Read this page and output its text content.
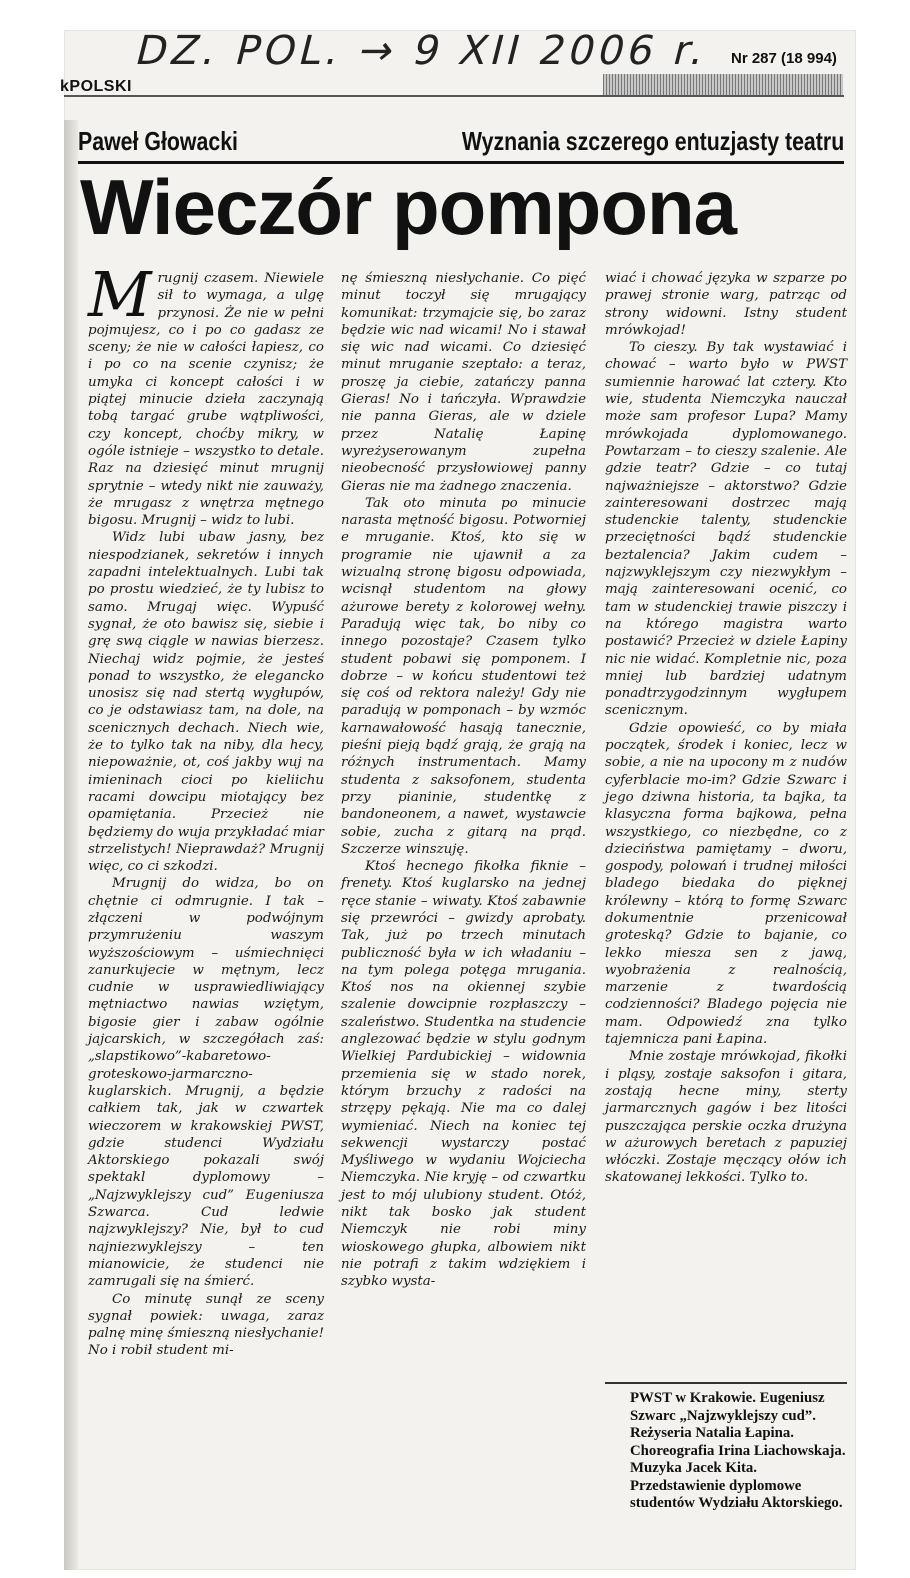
DZ. POL. → 9 XII 2006 r.
kPOLSKI
Nr 287 (18 994)
Paweł Głowacki	Wyznania szczerego entuzjasty teatru
Wieczór pompona

Mrugnij czasem. Niewiele sił to wymaga, a ulgę przynosi. Że nie w pełni pojmujesz, co i po co gadasz ze sceny; że nie w całości łapiesz, co i po co na scenie czynisz; że umyka ci koncept całości i w piątej minucie dzieła zaczynają tobą targać grube wątpliwości, czy koncept, choćby mikry, w ogóle istnieje – wszystko to detale. Raz na dziesięć minut mrugnij sprytnie – wtedy nikt nie zauważy, że mrugasz z wnętrza mętnego bigosu. Mrugnij – widz to lubi.

Widz lubi ubaw jasny, bez niespodzianek, sekretów i innych zapadni intelektualnych. Lubi tak po prostu wiedzieć, że ty lubisz to samo. Mrugaj więc. Wypuść sygnał, że oto bawisz się, siebie i grę swą ciągle w nawias bierzesz. Niechaj widz pojmie, że jesteś ponad to wszystko, że elegancko unosisz się nad stertą wygłupów, co je odstawiasz tam, na dole, na scenicznych dechach. Niech wie, że to tylko tak na niby, dla hecy, niepoważnie, ot, coś jakby wuj na imieninach cioci po kieliichu racami dowcipu miotający bez opamiętania. Przecież nie będziemy do wuja przykładać miar strzelistych! Nieprawdaż? Mrugnij więc, co ci szkodzi.

Mrugnij do widza, bo on chętnie ci odmrugnie. I tak – złączeni w podwójnym przymrużeniu waszym wyższościowym – uśmiechnięci zanurkujecie w mętnym, lecz cudnie w usprawiedliwiający mętniactwo nawias wziętym, bigosie gier i zabaw ogólnie jajcarskich, w szczegółach zaś: „slapstikowo”-kabaretowo-groteskowo-jarmarczno-kuglarskich. Mrugnij, a będzie całkiem tak, jak w czwartek wieczorem w krakowskiej PWST, gdzie studenci Wydziału Aktorskiego pokazali swój spektakl dyplomowy – „Najzwyklejszy cud” Eugeniusza Szwarca. Cud ledwie najzwyklejszy? Nie, był to cud najniezwyklejszy – ten mianowicie, że studenci nie zamrugali się na śmierć.

Co minutę sunął ze sceny sygnał powiek: uwaga, zaraz palnę minę śmieszną niesłychanie! No i robił student mi-

nę śmieszną niesłychanie. Co pięć minut toczył się mrugający komunikat: trzymajcie się, bo zaraz będzie wic nad wicami! No i stawał się wic nad wicami. Co dziesięć minut mruganie szeptało: a teraz, proszę ja ciebie, zatańczy panna Gieras! No i tańczyła. Wprawdzie nie panna Gieras, ale w dziele przez Natalię Łapinę wyreżyserowanym zupełna nieobecność przysłowiowej panny Gieras nie ma żadnego znaczenia.

Tak oto minuta po minucie narasta mętność bigosu. Potworniej e mruganie. Ktoś, kto się w programie nie ujawnił a za wizualną stronę bigosu odpowiada, wcisnął studentom na głowy ażurowe berety z kolorowej wełny. Paradują więc tak, bo niby co innego pozostaje? Czasem tylko student pobawi się pomponem. I dobrze – w końcu studentowi też się coś od rektora należy! Gdy nie paradują w pomponach – by wzmóc karnawałowość hasają tanecznie, pieśni pieją bądź grają, że grają na różnych instrumentach. Mamy studenta z saksofonem, studenta przy pianinie, studentkę z bandoneonem, a nawet, wystawcie sobie, zucha z gitarą na prąd. Szczerze winszuję.

Ktoś hecnego fikołka fiknie – frenety. Ktoś kuglarsko na jednej ręce stanie – wiwaty. Ktoś zabawnie się przewróci – gwizdy aprobaty. Tak, już po trzech minutach publiczność była w ich władaniu – na tym polega potęga mrugania. Ktoś nos na okiennej szybie szalenie dowcipnie rozpłaszczy – szaleństwo. Studentka na studencie anglezować będzie w stylu godnym Wielkiej Pardubickiej – widownia przemienia się w stado norek, którym brzuchy z radości na strzępy pękają. Nie ma co dalej wymieniać. Niech na koniec tej sekwencji wystarczy postać Myśliwego w wydaniu Wojciecha Niemczyka. Nie kryję – od czwartku jest to mój ulubiony student. Otóż, nikt tak bosko jak student Niemczyk nie robi miny wioskowego głupka, albowiem nikt nie potrafi z takim wdziękiem i szybko wysta-

wiać i chować języka w szparze po prawej stronie warg, patrząc od strony widowni. Istny student mrówkojad!

To cieszy. By tak wystawiać i chować – warto było w PWST sumiennie harować lat cztery. Kto wie, studenta Niemczyka nauczał może sam profesor Lupa? Mamy mrówkojada dyplomowanego. Powtarzam – to cieszy szalenie. Ale gdzie teatr? Gdzie – co tutaj najważniejsze – aktorstwo? Gdzie zainteresowani dostrzec mają studenckie talenty, studenckie przeciętności bądź studenckie beztalencia? Jakim cudem – najzwyklejszym czy niezwykłym – mają zainteresowani ocenić, co tam w studenckiej trawie piszczy i na którego magistra warto postawić? Przecież w dziele Łapiny nic nie widać. Kompletnie nic, poza mniej lub bardziej udatnym ponadtrzygodzinnym wygłupem scenicznym.

Gdzie opowieść, co by miała początek, środek i koniec, lecz w sobie, a nie na upocony m z nudów cyferblacie mo-im? Gdzie Szwarc i jego dziwna historia, ta bajka, ta klasyczna forma bajkowa, pełna wszystkiego, co niezbędne, co z dzieciństwa pamiętamy – dworu, gospody, polowań i trudnej miłości bladego biedaka do pięknej królewny – którą to formę Szwarc dokumentnie przenicował groteską? Gdzie to bajanie, co lekko miesza sen z jawą, wyobrażenia z realnością, marzenie z twardością codzienności? Bladego pojęcia nie mam. Odpowiedź zna tylko tajemnicza pani Łapina.

Mnie zostaje mrówkojad, fikołki i pląsy, zostaje saksofon i gitara, zostają hecne miny, sterty jarmarcznych gagów i bez litości puszczająca perskie oczka drużyna w ażurowych beretach z papuziej włóczki. Zostaje męczący ołów ich skatowanej lekkości. Tylko to.

PWST w Krakowie. Eugeniusz Szwarc „Najzwyklejszy cud”. Reżyseria Natalia Łapina. Choreografia Irina Liachowskaja. Muzyka Jacek Kita. Przedstawienie dyplomowe studentów Wydziału Aktorskiego.
